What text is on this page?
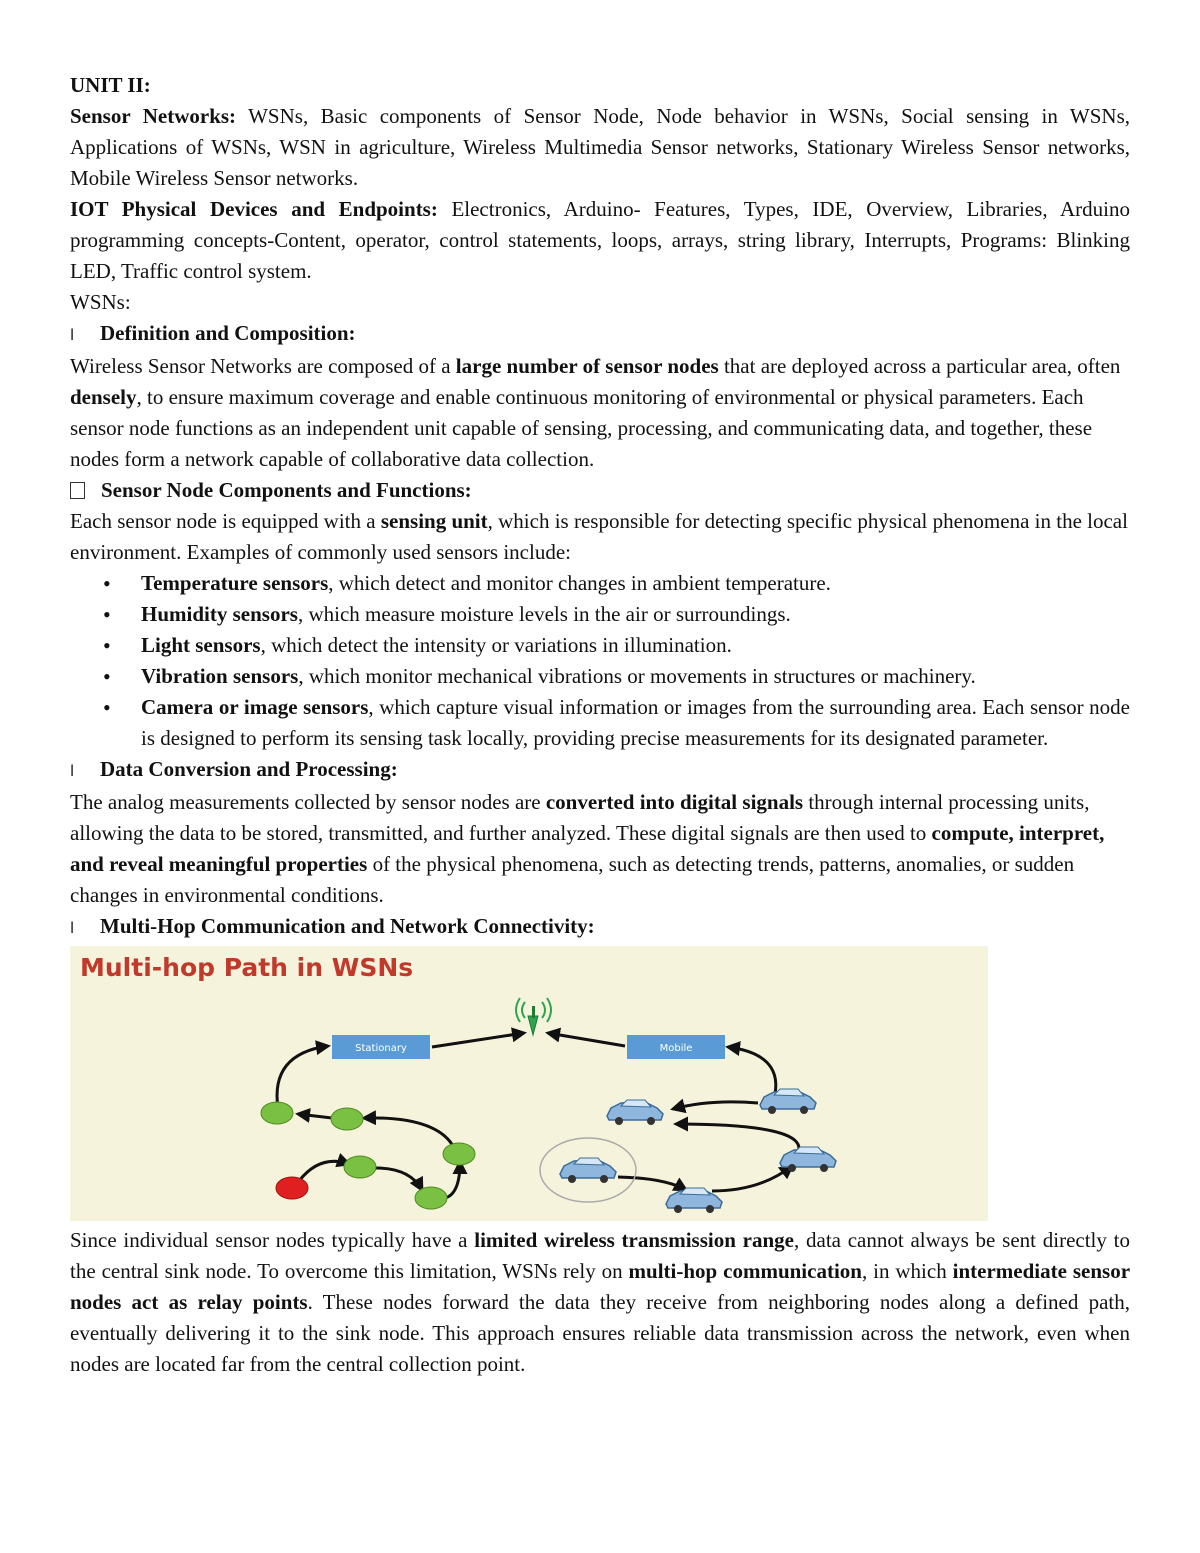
UNIT II:

Sensor Networks: WSNs, Basic components of Sensor Node, Node behavior in WSNs, Social sensing in WSNs, Applications of WSNs, WSN in agriculture, Wireless Multimedia Sensor networks, Stationary Wireless Sensor networks, Mobile Wireless Sensor networks.

IOT Physical Devices and Endpoints: Electronics, Arduino- Features, Types, IDE, Overview, Libraries, Arduino programming concepts-Content, operator, control statements, loops, arrays, string library, Interrupts, Programs: Blinking LED, Traffic control system.

WSNs:

l	Definition and Composition:

Wireless Sensor Networks are composed of a large number of sensor nodes that are deployed across a particular area, often densely, to ensure maximum coverage and enable continuous monitoring of environmental or physical parameters. Each sensor node functions as an independent unit capable of sensing, processing, and communicating data, and together, these nodes form a network capable of collaborative data collection.

Sensor Node Components and Functions:

Each sensor node is equipped with a sensing unit, which is responsible for detecting specific physical phenomena in the local environment. Examples of commonly used sensors include:

• Temperature sensors, which detect and monitor changes in ambient temperature.
• Humidity sensors, which measure moisture levels in the air or surroundings.
• Light sensors, which detect the intensity or variations in illumination.
• Vibration sensors, which monitor mechanical vibrations or movements in structures or machinery.
• Camera or image sensors, which capture visual information or images from the surrounding area. Each sensor node is designed to perform its sensing task locally, providing precise measurements for its designated parameter.

l	Data Conversion and Processing:

The analog measurements collected by sensor nodes are converted into digital signals through internal processing units, allowing the data to be stored, transmitted, and further analyzed. These digital signals are then used to compute, interpret, and reveal meaningful properties of the physical phenomena, such as detecting trends, patterns, anomalies, or sudden changes in environmental conditions.

l	Multi-Hop Communication and Network Connectivity:

Multi-hop Path in WSNs
Stationary	Mobile

Since individual sensor nodes typically have a limited wireless transmission range, data cannot always be sent directly to the central sink node. To overcome this limitation, WSNs rely on multi-hop communication, in which intermediate sensor nodes act as relay points. These nodes forward the data they receive from neighboring nodes along a defined path, eventually delivering it to the sink node. This approach ensures reliable data transmission across the network, even when nodes are located far from the central collection point.
